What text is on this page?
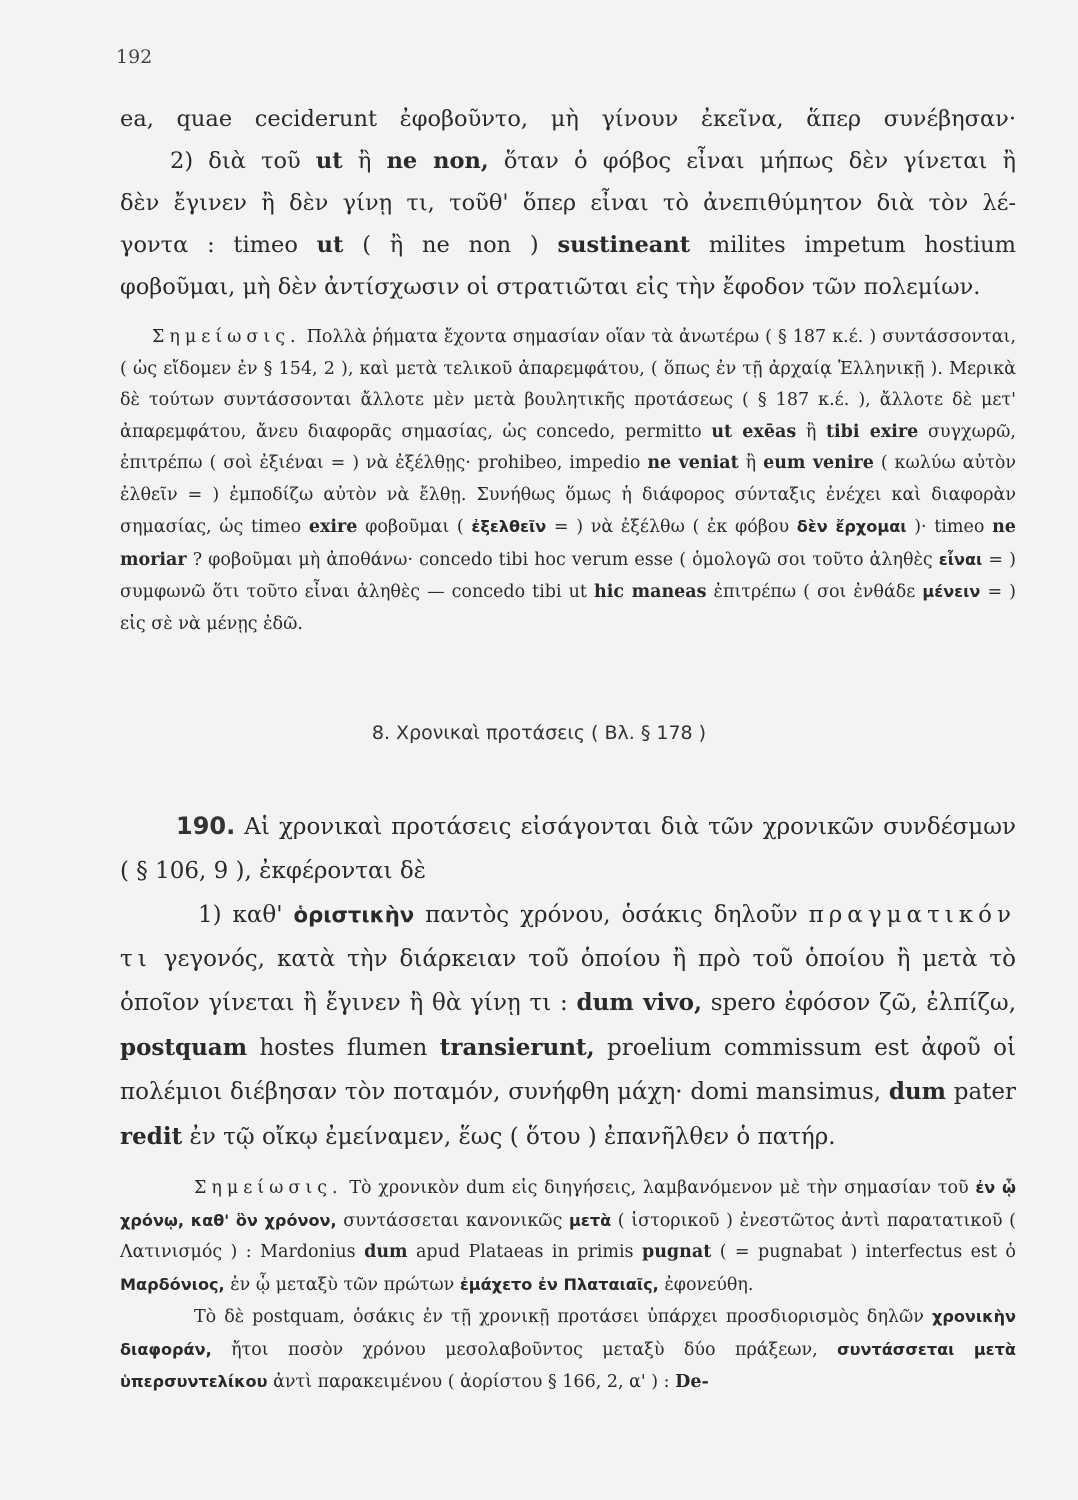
192

ea, quae ceciderunt ἐφοβοῦντο, μὴ γίνουν ἐκεῖνα, ἅπερ συνέβησαν·

2) διὰ τοῦ ut ἢ ne non, ὅταν ὁ φόβος εἶναι μήπως δὲν γίνεται ἢ

δὲν ἔγινεν ἢ δὲν γίνῃ τι, τοῦθ' ὅπερ εἶναι τὸ ἀνεπιθύμητον διὰ τὸν λέ-

γοντα : timeo ut ( ἢ ne non ) sustineant milites impetum hostium

φοβοῦμαι, μὴ δὲν ἀντίσχωσιν οἱ στρατιῶται εἰς τὴν ἔφοδον τῶν πολεμίων.

Σημείωσις. Πολλὰ ῥήματα ἔχοντα σημασίαν οἵαν τὰ ἀνωτέρω ( § 187 κ.έ. ) συντάσσονται, ( ὡς εἴδομεν ἐν § 154, 2 ), καὶ μετὰ τελικοῦ ἀπαρεμφάτου, ( ὅπως ἐν τῇ ἀρχαίᾳ Ἑλληνικῇ ). Μερικὰ δὲ τούτων συντάσσονται ἄλλοτε μὲν μετὰ βουλητικῆς προτάσεως ( § 187 κ.έ. ), ἄλλοτε δὲ μετ' ἀπαρεμφάτου, ἄνευ διαφορᾶς σημασίας, ὡς concedo, permitto ut exēas ἢ tibi exire συγχωρῶ, ἐπιτρέπω ( σοὶ ἐξιέναι = ) νὰ ἐξέλθῃς· prohibeo, impedio ne veniat ἢ eum venire ( κωλύω αὐτὸν ἐλθεῖν = ) ἐμποδίζω αὐτὸν νὰ ἔλθῃ. Συνήθως ὅμως ἡ διάφορος σύνταξις ἐνέχει καὶ διαφορὰν σημασίας, ὡς timeo exire φοβοῦμαι ( ἐξελθεῖν = ) νὰ ἐξέλθω ( ἐκ φόβου δὲν ἔρχομαι )· timeo ne moriar ? φοβοῦμαι μὴ ἀποθάνω· concedo tibi hoc verum esse ( ὁμολογῶ σοι τοῦτο ἀληθὲς εἶναι = ) συμφωνῶ ὅτι τοῦτο εἶναι ἀληθὲς — concedo tibi ut hic maneas ἐπιτρέπω ( σοι ἐνθάδε μένειν = ) εἰς σὲ νὰ μένῃς ἐδῶ.

8. Χρονικαὶ προτάσεις ( Βλ. § 178 )

190. Αἱ χρονικαὶ προτάσεις εἰσάγονται διὰ τῶν χρονικῶν συνδέσμων ( § 106, 9 ), ἐκφέρονται δὲ

1) καθ' ὁριστικὴν παντὸς χρόνου, ὁσάκις δηλοῦν πραγματικόν τι γεγονός, κατὰ τὴν διάρκειαν τοῦ ὁποίου ἢ πρὸ τοῦ ὁποίου ἢ μετὰ τὸ ὁποῖον γίνεται ἢ ἔγινεν ἢ θὰ γίνῃ τι : dum vivo, spero ἐφόσον ζῶ, ἐλπίζω, postquam hostes flumen transierunt, proelium commissum est ἀφοῦ οἱ πολέμιοι διέβησαν τὸν ποταμόν, συνήφθη μάχη· domi mansimus, dum pater redit ἐν τῷ οἴκῳ ἐμείναμεν, ἕως ( ὅτου ) ἐπανῆλθεν ὁ πατήρ.

Σημείωσις. Τὸ χρονικὸν dum εἰς διηγήσεις, λαμβανόμενον μὲ τὴν σημασίαν τοῦ ἐν ᾧ χρόνῳ, καθ' ὃν χρόνον, συντάσσεται κανονικῶς μετὰ ( ἱστορικοῦ ) ἐνεστῶτος ἀντὶ παρατατικοῦ ( Λατινισμός ) : Mardonius dum apud Plataeas in primis pugnat ( = pugnabat ) interfectus est ὁ Μαρδόνιος, ἐν ᾧ μεταξὺ τῶν πρώτων ἐμάχετο ἐν Πλαταιαῖς, ἐφονεύθη.

Τὸ δὲ postquam, ὁσάκις ἐν τῇ χρονικῇ προτάσει ὑπάρχει προσδιορισμὸς δηλῶν χρονικὴν διαφοράν, ἤτοι ποσὸν χρόνου μεσολαβοῦντος μεταξὺ δύο πράξεων, συντάσσεται μετὰ ὑπερσυντελίκου ἀντὶ παρακειμένου ( ἀορίστου § 166, 2, α' ) : De-
